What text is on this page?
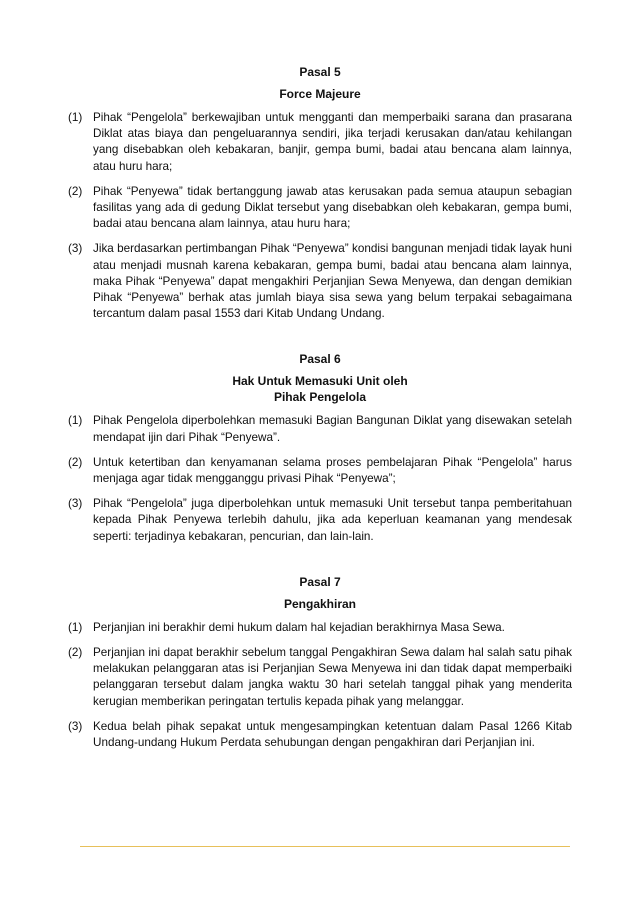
Pasal 5

Force Majeure

(1) Pihak “Pengelola” berkewajiban untuk mengganti dan memperbaiki sarana dan prasarana Diklat atas biaya dan pengeluarannya sendiri, jika terjadi kerusakan dan/atau kehilangan yang disebabkan oleh kebakaran, banjir, gempa bumi, badai atau bencana alam lainnya, atau huru hara;
(2) Pihak “Penyewa” tidak bertanggung jawab atas kerusakan pada semua ataupun sebagian fasilitas yang ada di gedung Diklat tersebut yang disebabkan oleh kebakaran, gempa bumi, badai atau bencana alam lainnya, atau huru hara;
(3) Jika berdasarkan pertimbangan Pihak “Penyewa” kondisi bangunan menjadi tidak layak huni atau menjadi musnah karena kebakaran, gempa bumi, badai atau bencana alam lainnya, maka Pihak “Penyewa” dapat mengakhiri Perjanjian Sewa Menyewa, dan dengan demikian Pihak “Penyewa” berhak atas jumlah biaya sisa sewa yang belum terpakai sebagaimana tercantum dalam pasal 1553 dari Kitab Undang Undang.

Pasal 6

Hak Untuk Memasuki Unit oleh
Pihak Pengelola

(1) Pihak Pengelola diperbolehkan memasuki Bagian Bangunan Diklat yang disewakan setelah mendapat ijin dari Pihak “Penyewa”.
(2) Untuk ketertiban dan kenyamanan selama proses pembelajaran Pihak “Pengelola” harus menjaga agar tidak mengganggu privasi Pihak “Penyewa”;
(3) Pihak “Pengelola” juga diperbolehkan untuk memasuki Unit tersebut tanpa pemberitahuan kepada Pihak Penyewa terlebih dahulu, jika ada keperluan keamanan yang mendesak seperti: terjadinya kebakaran, pencurian, dan lain-lain.

Pasal 7

Pengakhiran

(1) Perjanjian ini berakhir demi hukum dalam hal kejadian berakhirnya Masa Sewa.
(2) Perjanjian ini dapat berakhir sebelum tanggal Pengakhiran Sewa dalam hal salah satu pihak melakukan pelanggaran atas isi Perjanjian Sewa Menyewa ini dan tidak dapat memperbaiki pelanggaran tersebut dalam jangka waktu 30 hari setelah tanggal pihak yang menderita kerugian memberikan peringatan tertulis kepada pihak yang melanggar.
(3) Kedua belah pihak sepakat untuk mengesampingkan ketentuan dalam Pasal 1266 Kitab Undang-undang Hukum Perdata sehubungan dengan pengakhiran dari Perjanjian ini.
